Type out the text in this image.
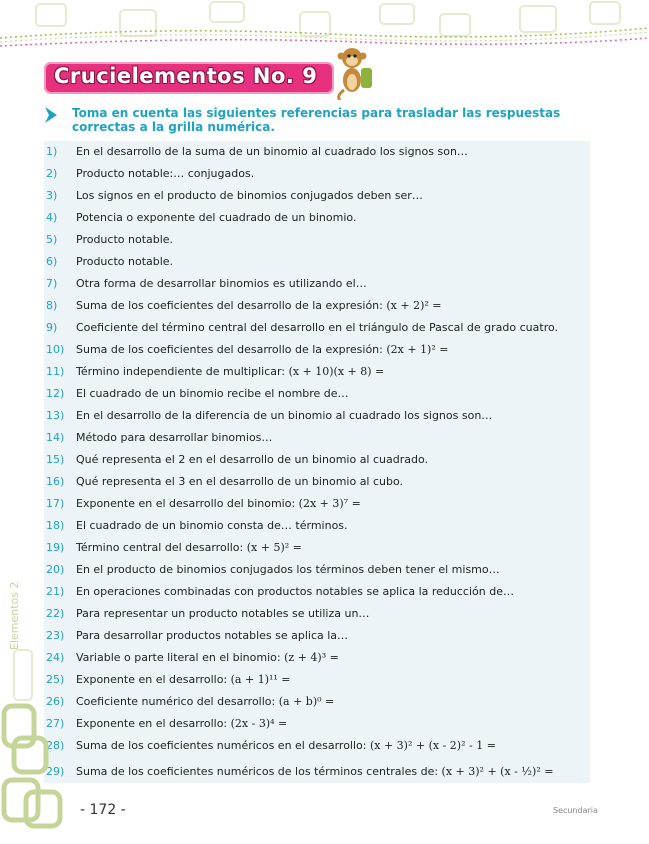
Crucielementos No. 9
Toma en cuenta las siguientes referencias para trasladar las respuestas correctas a la grilla numérica.
1) En el desarrollo de la suma de un binomio al cuadrado los signos son…
2) Producto notable:… conjugados.
3) Los signos en el producto de binomios conjugados deben ser…
4) Potencia o exponente del cuadrado de un binomio.
5) Producto notable.
6) Producto notable.
7) Otra forma de desarrollar binomios es utilizando el…
8) Suma de los coeficientes del desarrollo de la expresión: (x + 2)² =
9) Coeficiente del término central del desarrollo en el triángulo de Pascal de grado cuatro.
10) Suma de los coeficientes del desarrollo de la expresión: (2x + 1)² =
11) Término independiente de multiplicar: (x + 10)(x + 8) =
12) El cuadrado de un binomio recibe el nombre de…
13) En el desarrollo de la diferencia de un binomio al cuadrado los signos son…
14) Método para desarrollar binomios…
15) Qué representa el 2 en el desarrollo de un binomio al cuadrado.
16) Qué representa el 3 en el desarrollo de un binomio al cubo.
17) Exponente en el desarrollo del binomio: (2x + 3)⁷ =
18) El cuadrado de un binomio consta de… términos.
19) Término central del desarrollo: (x + 5)² =
20) En el producto de binomios conjugados los términos deben tener el mismo…
21) En operaciones combinadas con productos notables se aplica la reducción de…
22) Para representar un producto notables se utiliza un…
23) Para desarrollar productos notables se aplica la…
24) Variable o parte literal en el binomio: (z + 4)³ =
25) Exponente en el desarrollo: (a + 1)¹¹ =
26) Coeficiente numérico del desarrollo: (a + b)⁰ =
27) Exponente en el desarrollo: (2x - 3)⁴ =
28) Suma de los coeficientes numéricos en el desarrollo: (x + 3)² + (x - 2)² - 1 =
29) Suma de los coeficientes numéricos de los términos centrales de: (x + 3)² + (x - ½)² =
Elementos 2
- 172 -	Secundaria
